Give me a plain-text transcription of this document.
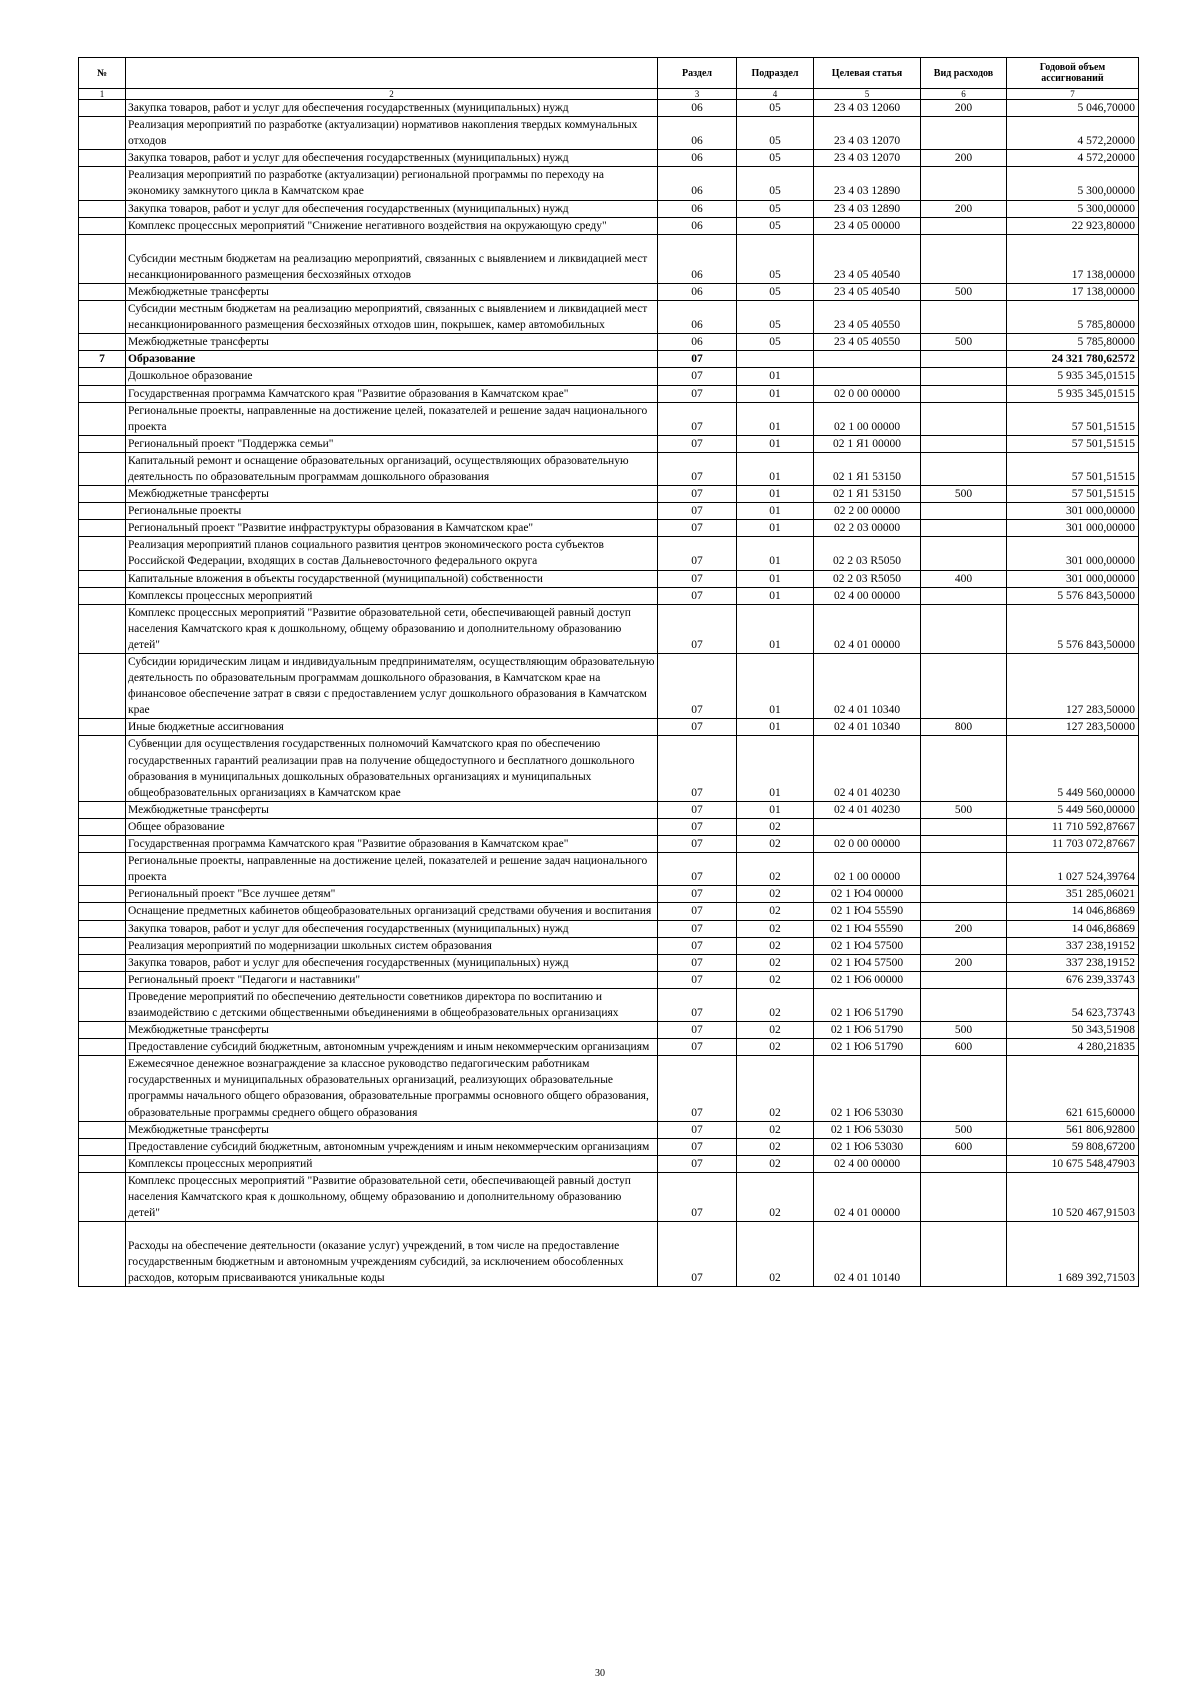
№		Раздел	Подраздел	Целевая статья	Вид расходов	Годовой объем ассигнований
1	2	3	4	5	6	7
	Закупка товаров, работ и услуг для обеспечения государственных (муниципальных) нужд	06	05	23 4 03 12060	200	5 046,70000
	Реализация мероприятий по разработке (актуализации) нормативов накопления твердых коммунальных отходов	06	05	23 4 03 12070		4 572,20000
	Закупка товаров, работ и услуг для обеспечения государственных (муниципальных) нужд	06	05	23 4 03 12070	200	4 572,20000
	Реализация мероприятий по разработке (актуализации) региональной программы по переходу на экономику замкнутого цикла в Камчатском крае	06	05	23 4 03 12890		5 300,00000
	Закупка товаров, работ и услуг для обеспечения государственных (муниципальных) нужд	06	05	23 4 03 12890	200	5 300,00000
	Комплекс процессных мероприятий "Снижение негативного воздействия на окружающую среду"	06	05	23 4 05 00000		22 923,80000
	Субсидии местным бюджетам на реализацию мероприятий, связанных с выявлением и ликвидацией мест несанкционированного размещения бесхозяйных отходов	06	05	23 4 05 40540		17 138,00000
	Межбюджетные трансферты	06	05	23 4 05 40540	500	17 138,00000
	Субсидии местным бюджетам на реализацию мероприятий, связанных с выявлением и ликвидацией мест несанкционированного размещения бесхозяйных отходов шин, покрышек, камер автомобильных	06	05	23 4 05 40550		5 785,80000
	Межбюджетные трансферты	06	05	23 4 05 40550	500	5 785,80000
7	Образование	07				24 321 780,62572
	Дошкольное образование	07	01			5 935 345,01515
	Государственная программа Камчатского края "Развитие образования в Камчатском крае"	07	01	02 0 00 00000		5 935 345,01515
	Региональные проекты, направленные на достижение целей, показателей и решение задач национального проекта	07	01	02 1 00 00000		57 501,51515
	Региональный проект "Поддержка семьи"	07	01	02 1 Я1 00000		57 501,51515
	Капитальный ремонт и оснащение образовательных организаций, осуществляющих образовательную деятельность по образовательным программам дошкольного образования	07	01	02 1 Я1 53150		57 501,51515
	Межбюджетные трансферты	07	01	02 1 Я1 53150	500	57 501,51515
	Региональные проекты	07	01	02 2 00 00000		301 000,00000
	Региональный проект "Развитие инфраструктуры образования в Камчатском крае"	07	01	02 2 03 00000		301 000,00000
	Реализация мероприятий планов социального развития центров экономического роста субъектов Российской Федерации, входящих в состав Дальневосточного федерального округа	07	01	02 2 03 R5050		301 000,00000
	Капитальные вложения в объекты государственной (муниципальной) собственности	07	01	02 2 03 R5050	400	301 000,00000
	Комплексы процессных мероприятий	07	01	02 4 00 00000		5 576 843,50000
	Комплекс процессных мероприятий "Развитие образовательной сети, обеспечивающей равный доступ населения Камчатского края к дошкольному, общему образованию и дополнительному образованию детей"	07	01	02 4 01 00000		5 576 843,50000
	Субсидии юридическим лицам и индивидуальным предпринимателям, осуществляющим образовательную деятельность по образовательным программам дошкольного образования, в Камчатском крае на финансовое обеспечение затрат в связи с предоставлением услуг дошкольного образования в Камчатском крае	07	01	02 4 01 10340		127 283,50000
	Иные бюджетные ассигнования	07	01	02 4 01 10340	800	127 283,50000
	Субвенции для осуществления государственных полномочий Камчатского края по обеспечению государственных гарантий реализации прав на получение общедоступного и бесплатного дошкольного образования в муниципальных дошкольных образовательных организациях и муниципальных общеобразовательных организациях в Камчатском крае	07	01	02 4 01 40230		5 449 560,00000
	Межбюджетные трансферты	07	01	02 4 01 40230	500	5 449 560,00000
	Общее образование	07	02			11 710 592,87667
	Государственная программа Камчатского края "Развитие образования в Камчатском крае"	07	02	02 0 00 00000		11 703 072,87667
	Региональные проекты, направленные на достижение целей, показателей и решение задач национального проекта	07	02	02 1 00 00000		1 027 524,39764
	Региональный проект "Все лучшее детям"	07	02	02 1 Ю4 00000		351 285,06021
	Оснащение предметных кабинетов общеобразовательных организаций средствами обучения и воспитания	07	02	02 1 Ю4 55590		14 046,86869
	Закупка товаров, работ и услуг для обеспечения государственных (муниципальных) нужд	07	02	02 1 Ю4 55590	200	14 046,86869
	Реализация мероприятий по модернизации школьных систем образования	07	02	02 1 Ю4 57500		337 238,19152
	Закупка товаров, работ и услуг для обеспечения государственных (муниципальных) нужд	07	02	02 1 Ю4 57500	200	337 238,19152
	Региональный проект "Педагоги и наставники"	07	02	02 1 Ю6 00000		676 239,33743
	Проведение мероприятий по обеспечению деятельности советников директора по воспитанию и взаимодействию с детскими общественными объединениями в общеобразовательных организациях	07	02	02 1 Ю6 51790		54 623,73743
	Межбюджетные трансферты	07	02	02 1 Ю6 51790	500	50 343,51908
	Предоставление субсидий бюджетным, автономным учреждениям и иным некоммерческим организациям	07	02	02 1 Ю6 51790	600	4 280,21835
	Ежемесячное денежное вознаграждение за классное руководство педагогическим работникам государственных и муниципальных образовательных организаций, реализующих образовательные программы начального общего образования, образовательные программы основного общего образования, образовательные программы среднего общего образования	07	02	02 1 Ю6 53030		621 615,60000
	Межбюджетные трансферты	07	02	02 1 Ю6 53030	500	561 806,92800
	Предоставление субсидий бюджетным, автономным учреждениям и иным некоммерческим организациям	07	02	02 1 Ю6 53030	600	59 808,67200
	Комплексы процессных мероприятий	07	02	02 4 00 00000		10 675 548,47903
	Комплекс процессных мероприятий "Развитие образовательной сети, обеспечивающей равный доступ населения Камчатского края к дошкольному, общему образованию и дополнительному образованию детей"	07	02	02 4 01 00000		10 520 467,91503
	Расходы на обеспечение деятельности (оказание услуг) учреждений, в том числе на предоставление государственным бюджетным и автономным учреждениям субсидий, за исключением обособленных расходов, которым присваиваются уникальные коды	07	02	02 4 01 10140		1 689 392,71503
30
